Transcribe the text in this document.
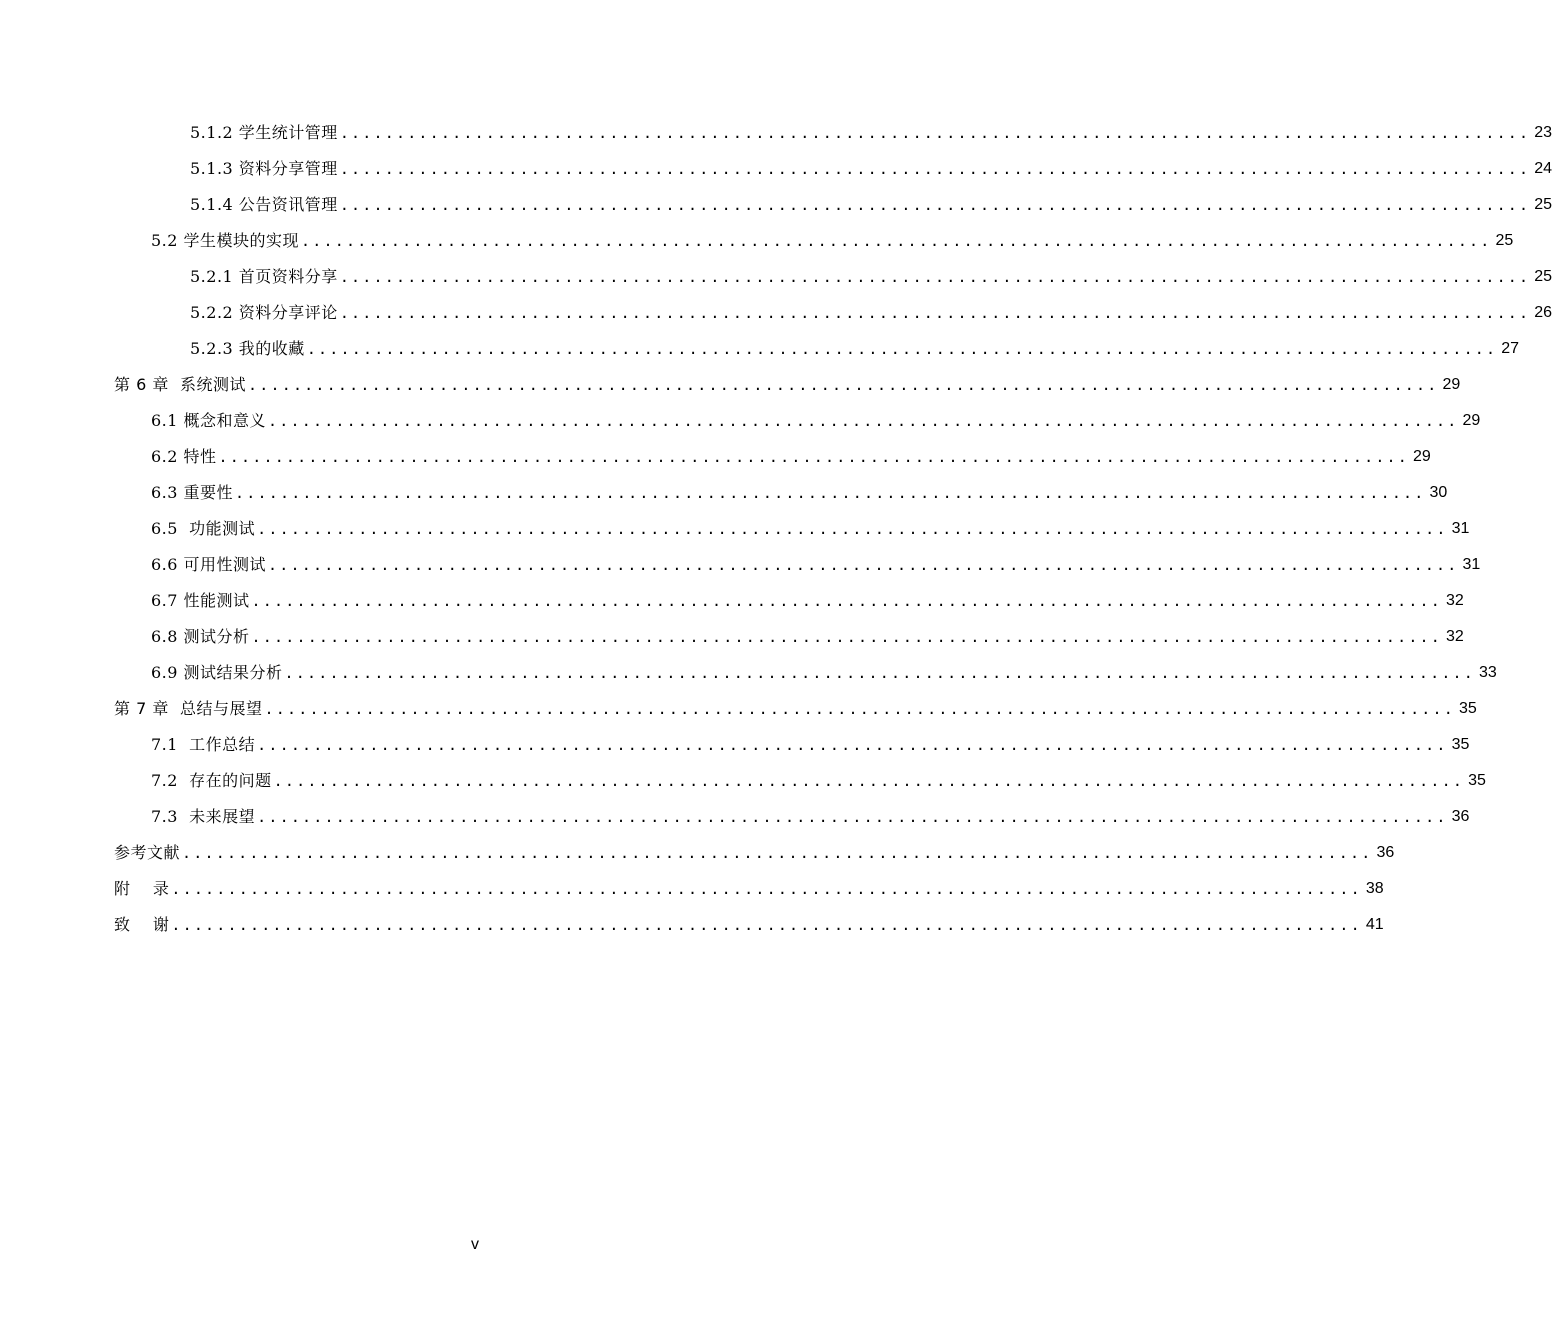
5.1.2 学生统计管理 .......................................................................................................... 23
5.1.3 资料分享管理 .......................................................................................................... 24
5.1.4 公告资讯管理 .......................................................................................................... 25
5.2 学生模块的实现 .......................................................................................................... 25
5.2.1 首页资料分享 .......................................................................................................... 25
5.2.2 资料分享评论 .......................................................................................................... 26
5.2.3 我的收藏 .......................................................................................................... 27
第 6 章  系统测试 .......................................................................................................... 29
6.1 概念和意义 .......................................................................................................... 29
6.2 特性 .......................................................................................................... 29
6.3 重要性 .......................................................................................................... 30
6.5  功能测试 .......................................................................................................... 31
6.6 可用性测试 .......................................................................................................... 31
6.7 性能测试 .......................................................................................................... 32
6.8 测试分析 .......................................................................................................... 32
6.9 测试结果分析 .......................................................................................................... 33
第 7 章  总结与展望 .......................................................................................................... 35
7.1  工作总结 .......................................................................................................... 35
7.2  存在的问题 .......................................................................................................... 35
7.3  未来展望 .......................................................................................................... 36
参考文献 .......................................................................................................... 36
附    录 .......................................................................................................... 38
致    谢 .......................................................................................................... 41
v
